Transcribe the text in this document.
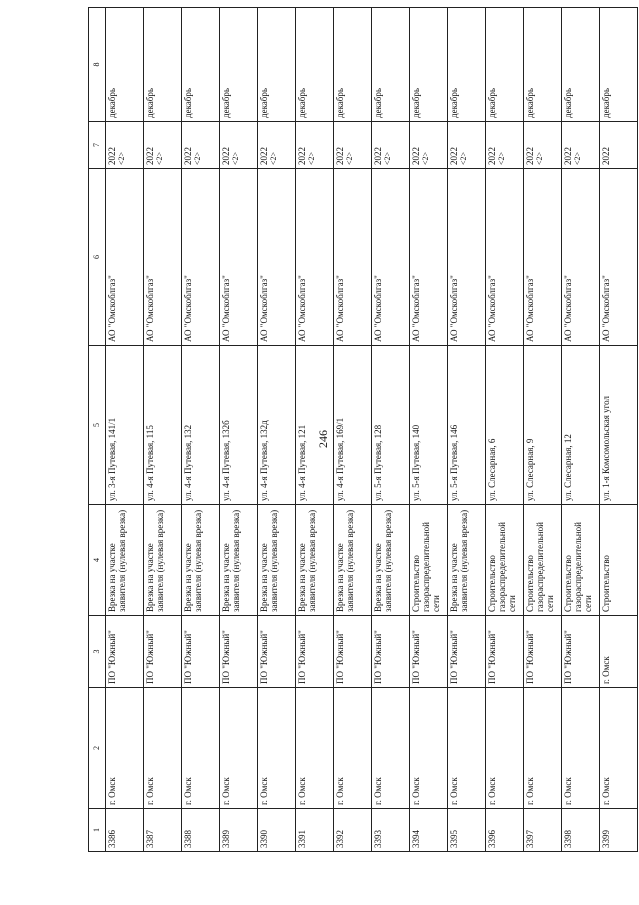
246
1	2	3	4	5	6	7	8
3386	г. Омск	ПО "Южный"	Врезка на участке заявителя (нулевая врезка)	ул. 3-я Путевая, 141/1	АО "Омскоблгаз"	2022 <2>	декабрь
3387	г. Омск	ПО "Южный"	Врезка на участке заявителя (нулевая врезка)	ул. 4-я Путевая, 115	АО "Омскоблгаз"	2022 <2>	декабрь
3388	г. Омск	ПО "Южный"	Врезка на участке заявителя (нулевая врезка)	ул. 4-я Путевая, 132	АО "Омскоблгаз"	2022 <2>	декабрь
3389	г. Омск	ПО "Южный"	Врезка на участке заявителя (нулевая врезка)	ул. 4-я Путевая, 132б	АО "Омскоблгаз"	2022 <2>	декабрь
3390	г. Омск	ПО "Южный"	Врезка на участке заявителя (нулевая врезка)	ул. 4-я Путевая, 132д	АО "Омскоблгаз"	2022 <2>	декабрь
3391	г. Омск	ПО "Южный"	Врезка на участке заявителя (нулевая врезка)	ул. 4-я Путевая, 121	АО "Омскоблгаз"	2022 <2>	декабрь
3392	г. Омск	ПО "Южный"	Врезка на участке заявителя (нулевая врезка)	ул. 4-я Путевая, 169/1	АО "Омскоблгаз"	2022 <2>	декабрь
3393	г. Омск	ПО "Южный"	Врезка на участке заявителя (нулевая врезка)	ул. 5-я Путевая, 128	АО "Омскоблгаз"	2022 <2>	декабрь
3394	г. Омск	ПО "Южный"	Строительство газораспределительной сети	ул. 5-я Путевая, 140	АО "Омскоблгаз"	2022 <2>	декабрь
3395	г. Омск	ПО "Южный"	Врезка на участке заявителя (нулевая врезка)	ул. 5-я Путевая, 146	АО "Омскоблгаз"	2022 <2>	декабрь
3396	г. Омск	ПО "Южный"	Строительство газораспределительной сети	ул. Слесарная, 6	АО "Омскоблгаз"	2022 <2>	декабрь
3397	г. Омск	ПО "Южный"	Строительство газораспределительной сети	ул. Слесарная, 9	АО "Омскоблгаз"	2022 <2>	декабрь
3398	г. Омск	ПО "Южный"	Строительство газораспределительной сети	ул. Слесарная, 12	АО "Омскоблгаз"	2022 <2>	декабрь
3399	г. Омск	г. Омск	Строительство	ул. 1-я Комсомольская угол	АО "Омскоблгаз"	2022	декабрь
